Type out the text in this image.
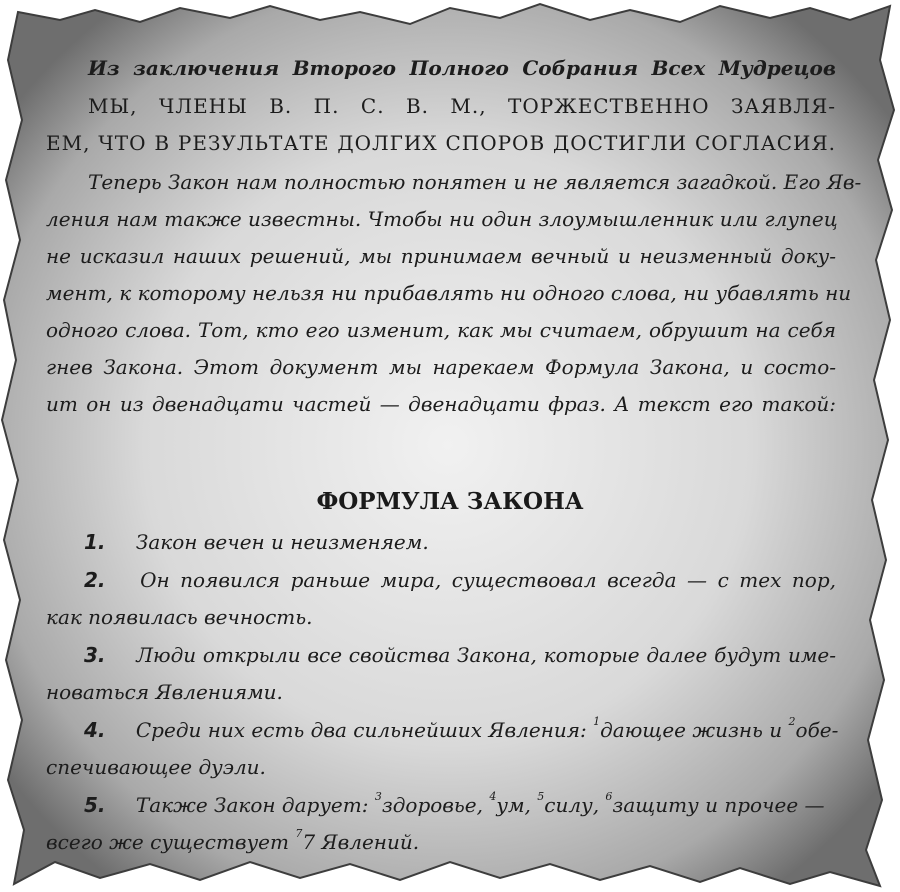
Из заключения Второго Полного Собрания Всех Мудрецов
МЫ, ЧЛЕНЫ В. П. С. В. М., ТОРЖЕСТВЕННО ЗАЯВЛЯ-
ЕМ, ЧТО В РЕЗУЛЬТАТЕ ДОЛГИХ СПОРОВ ДОСТИГЛИ СОГЛАСИЯ.
Теперь Закон нам полностью понятен и не является загадкой. Его Яв-
ления нам также известны. Чтобы ни один злоумышленник или глупец
не исказил наших решений, мы принимаем вечный и неизменный доку-
мент, к которому нельзя ни прибавлять ни одного слова, ни убавлять ни
одного слова. Тот, кто его изменит, как мы считаем, обрушит на себя
гнев Закона. Этот документ мы нарекаем Формула Закона, и состо-
ит он из двенадцати частей — двенадцати фраз. А текст его такой:
ФОРМУЛА ЗАКОНА
1. Закон вечен и неизменяем.
2. Он появился раньше мира, существовал всегда — с тех пор,
как появилась вечность.
3. Люди открыли все свойства Закона, которые далее будут име-
новаться Явлениями.
4. Среди них есть два сильнейших Явления: $^1$дающее жизнь и $^2$обе-
спечивающее дуэли.
5. Также Закон дарует: $^3$здоровье, $^4$ум, $^5$силу, $^6$защиту и прочее —
всего же существует $^7$7 Явлений.
